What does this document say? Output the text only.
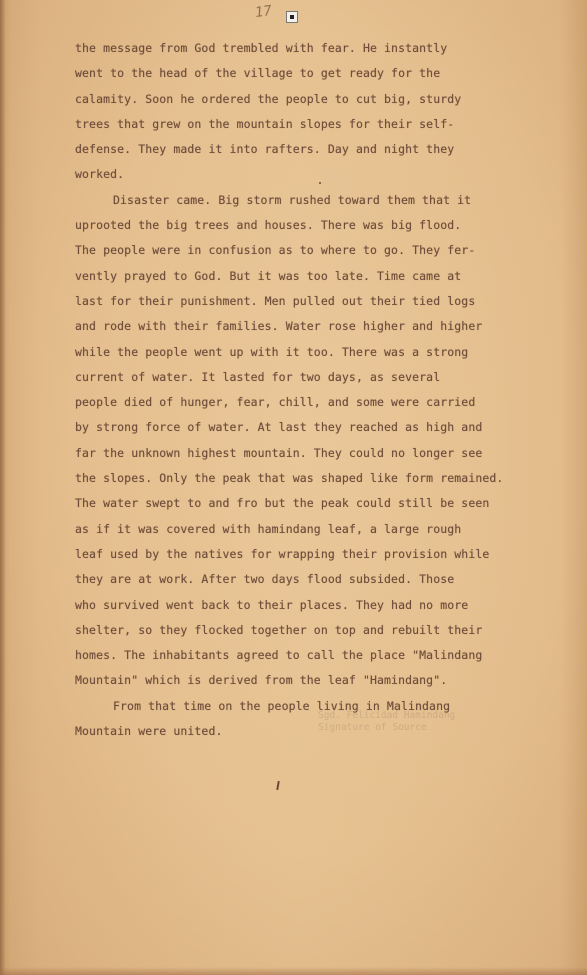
17
the message from God trembled with fear. He instantly
went to the head of the village to get ready for the
calamity. Soon he ordered the people to cut big, sturdy
trees that grew on the mountain slopes for their self-
defense. They made it into rafters. Day and night they
worked.
Disaster came. Big storm rushed toward them that it
uprooted the big trees and houses. There was big flood.
The people were in confusion as to where to go. They fer-
vently prayed to God. But it was too late. Time came at
last for their punishment. Men pulled out their tied logs
and rode with their families. Water rose higher and higher
while the people went up with it too. There was a strong
current of water. It lasted for two days, as several
people died of hunger, fear, chill, and some were carried
by strong force of water. At last they reached as high and
far the unknown highest mountain. They could no longer see
the slopes. Only the peak that was shaped like form remained.
The water swept to and fro but the peak could still be seen
as if it was covered with hamindang leaf, a large rough
leaf used by the natives for wrapping their provision while
they are at work. After two days flood subsided. Those
who survived went back to their places. They had no more
shelter, so they flocked together on top and rebuilt their
homes. The inhabitants agreed to call the place "Malindang
Mountain" which is derived from the leaf "Hamindang".
From that time on the people living in Malindang
Mountain were united.
Sgd. Felicidad Hamindang
Signature of Source
